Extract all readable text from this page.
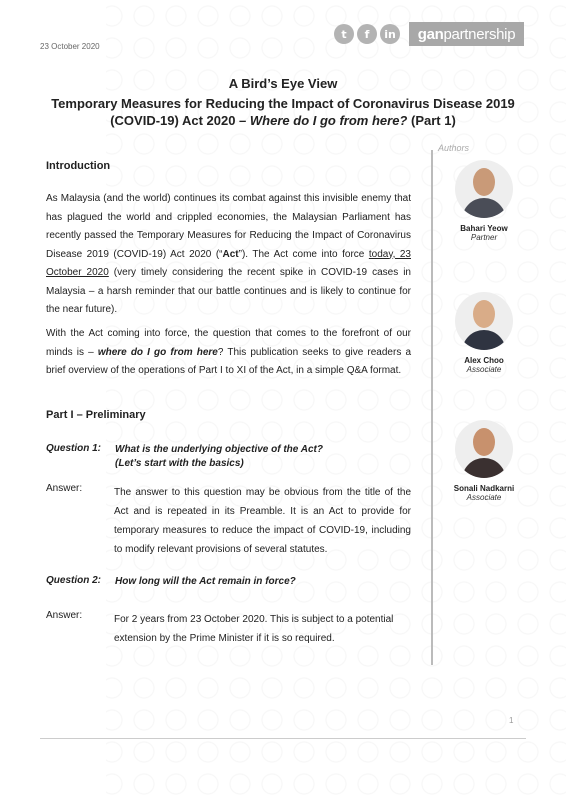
23 October 2020
t	f	in gan partnership

A Bird’s Eye View

Temporary Measures for Reducing the Impact of Coronavirus Disease 2019 (COVID-19) Act 2020 – Where do I go from here? (Part 1)

Authors
Bahari Yeow
Partner
Alex Choo
Associate
Sonali Nadkarni
Associate
Introduction
As Malaysia (and the world) continues its combat against this invisible enemy that has plagued the world and crippled economies, the Malaysian Parliament has recently passed the Temporary Measures for Reducing the Impact of Coronavirus Disease 2019 (COVID-19) Act 2020 (“Act”). The Act come into force today, 23 October 2020 (very timely considering the recent spike in COVID-19 cases in Malaysia – a harsh reminder that our battle continues and is likely to continue for the near future).
With the Act coming into force, the question that comes to the forefront of our minds is – where do I go from here? This publication seeks to give readers a brief overview of the operations of Part I to XI of the Act, in a simple Q&A format.
Part I – Preliminary
Question 1:	What is the underlying objective of the Act?
(Let’s start with the basics)
Answer:	The answer to this question may be obvious from the title of the Act and is repeated in its Preamble. It is an Act to provide for temporary measures to reduce the impact of COVID-19, including to modify relevant provisions of several statutes.
Question 2:	How long will the Act remain in force?
Answer:	For 2 years from 23 October 2020. This is subject to a potential extension by the Prime Minister if it is so required.
1
